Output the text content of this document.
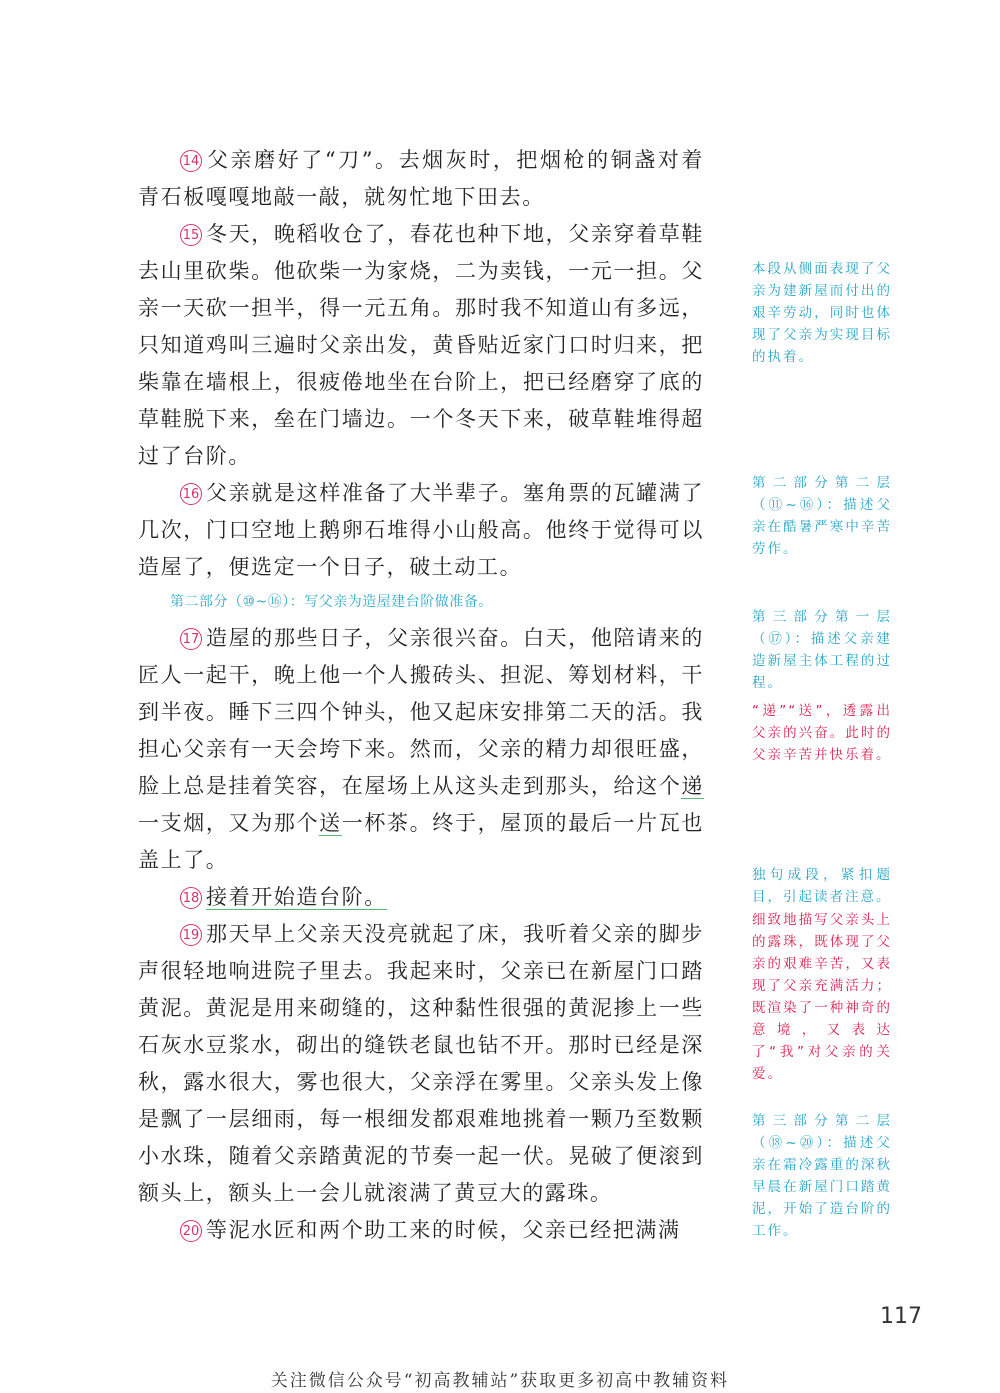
14 父亲磨好了“刀”。去烟灰时，把烟枪的铜盏对着青石板嘎嘎地敲一敲，就匆忙地下田去。

15 冬天，晚稻收仓了，春花也种下地，父亲穿着草鞋去山里砍柴。他砍柴一为家烧，二为卖钱，一元一担。父亲一天砍一担半，得一元五角。那时我不知道山有多远，只知道鸡叫三遍时父亲出发，黄昏贴近家门口时归来，把柴靠在墙根上，很疲倦地坐在台阶上，把已经磨穿了底的草鞋脱下来，垒在门墙边。一个冬天下来，破草鞋堆得超过了台阶。

16 父亲就是这样准备了大半辈子。塞角票的瓦罐满了几次，门口空地上鹅卵石堆得小山般高。他终于觉得可以造屋了，便选定一个日子，破土动工。

第二部分（⑩~⑯）：写父亲为造屋建台阶做准备。

17 造屋的那些日子，父亲很兴奋。白天，他陪请来的匠人一起干，晚上他一个人搬砖头、担泥、筹划材料，干到半夜。睡下三四个钟头，他又起床安排第二天的活。我担心父亲有一天会垮下来。然而，父亲的精力却很旺盛，脸上总是挂着笑容，在屋场上从这头走到那头，给这个递一支烟，又为那个送一杯茶。终于，屋顶的最后一片瓦也盖上了。

18 接着开始造台阶。

19 那天早上父亲天没亮就起了床，我听着父亲的脚步声很轻地响进院子里去。我起来时，父亲已在新屋门口踏黄泥。黄泥是用来砌缝的，这种黏性很强的黄泥掺上一些石灰水豆浆水，砌出的缝铁老鼠也钻不开。那时已经是深秋，露水很大，雾也很大，父亲浮在雾里。父亲头发上像是飘了一层细雨，每一根细发都艰难地挑着一颗乃至数颗小水珠，随着父亲踏黄泥的节奏一起一伏。晃破了便滚到额头上，额头上一会儿就滚满了黄豆大的露珠。

20 等泥水匠和两个助工来的时候，父亲已经把满满

本段从侧面表现了父亲为建新屋而付出的艰辛劳动，同时也体现了父亲为实现目标的执着。
第二部分第二层（⑪~⑯）：描述父亲在酷暑严寒中辛苦劳作。
第三部分第一层（⑰）：描述父亲建造新屋主体工程的过程。
“递”“送”，透露出父亲的兴奋。此时的父亲辛苦并快乐着。
独句成段，紧扣题目，引起读者注意。
细致地描写父亲头上的露珠，既体现了父亲的艰难辛苦，又表现了父亲充满活力；既渲染了一种神奇的意境，又表达了“我”对父亲的关爱。
第三部分第二层（⑱~⑳）：描述父亲在霜冷露重的深秋早晨在新屋门口踏黄泥，开始了造台阶的工作。
117
关注微信公众号“初高教辅站”获取更多初高中教辅资料
